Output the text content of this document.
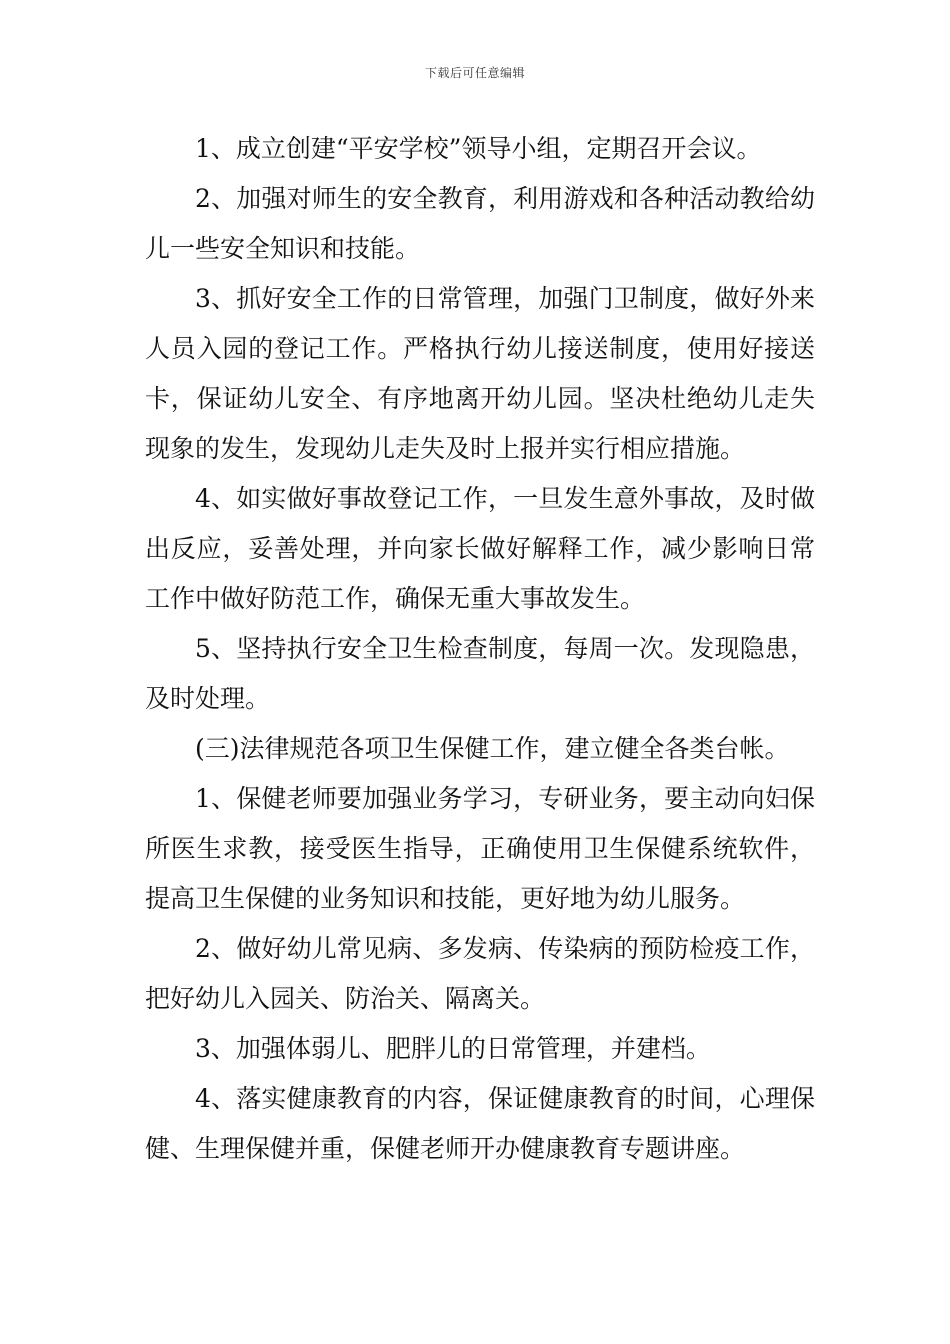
下载后可任意编辑

1、成立创建“平安学校”领导小组，定期召开会议。

2、加强对师生的安全教育，利用游戏和各种活动教给幼儿一些安全知识和技能。

3、抓好安全工作的日常管理，加强门卫制度，做好外来人员入园的登记工作。严格执行幼儿接送制度，使用好接送卡，保证幼儿安全、有序地离开幼儿园。坚决杜绝幼儿走失现象的发生，发现幼儿走失及时上报并实行相应措施。

4、如实做好事故登记工作，一旦发生意外事故，及时做出反应，妥善处理，并向家长做好解释工作，减少影响日常工作中做好防范工作，确保无重大事故发生。

5、坚持执行安全卫生检查制度，每周一次。发现隐患，及时处理。

(三)法律规范各项卫生保健工作，建立健全各类台帐。

1、保健老师要加强业务学习，专研业务，要主动向妇保所医生求教，接受医生指导，正确使用卫生保健系统软件，提高卫生保健的业务知识和技能，更好地为幼儿服务。

2、做好幼儿常见病、多发病、传染病的预防检疫工作，把好幼儿入园关、防治关、隔离关。

3、加强体弱儿、肥胖儿的日常管理，并建档。

4、落实健康教育的内容，保证健康教育的时间，心理保健、生理保健并重，保健老师开办健康教育专题讲座。
